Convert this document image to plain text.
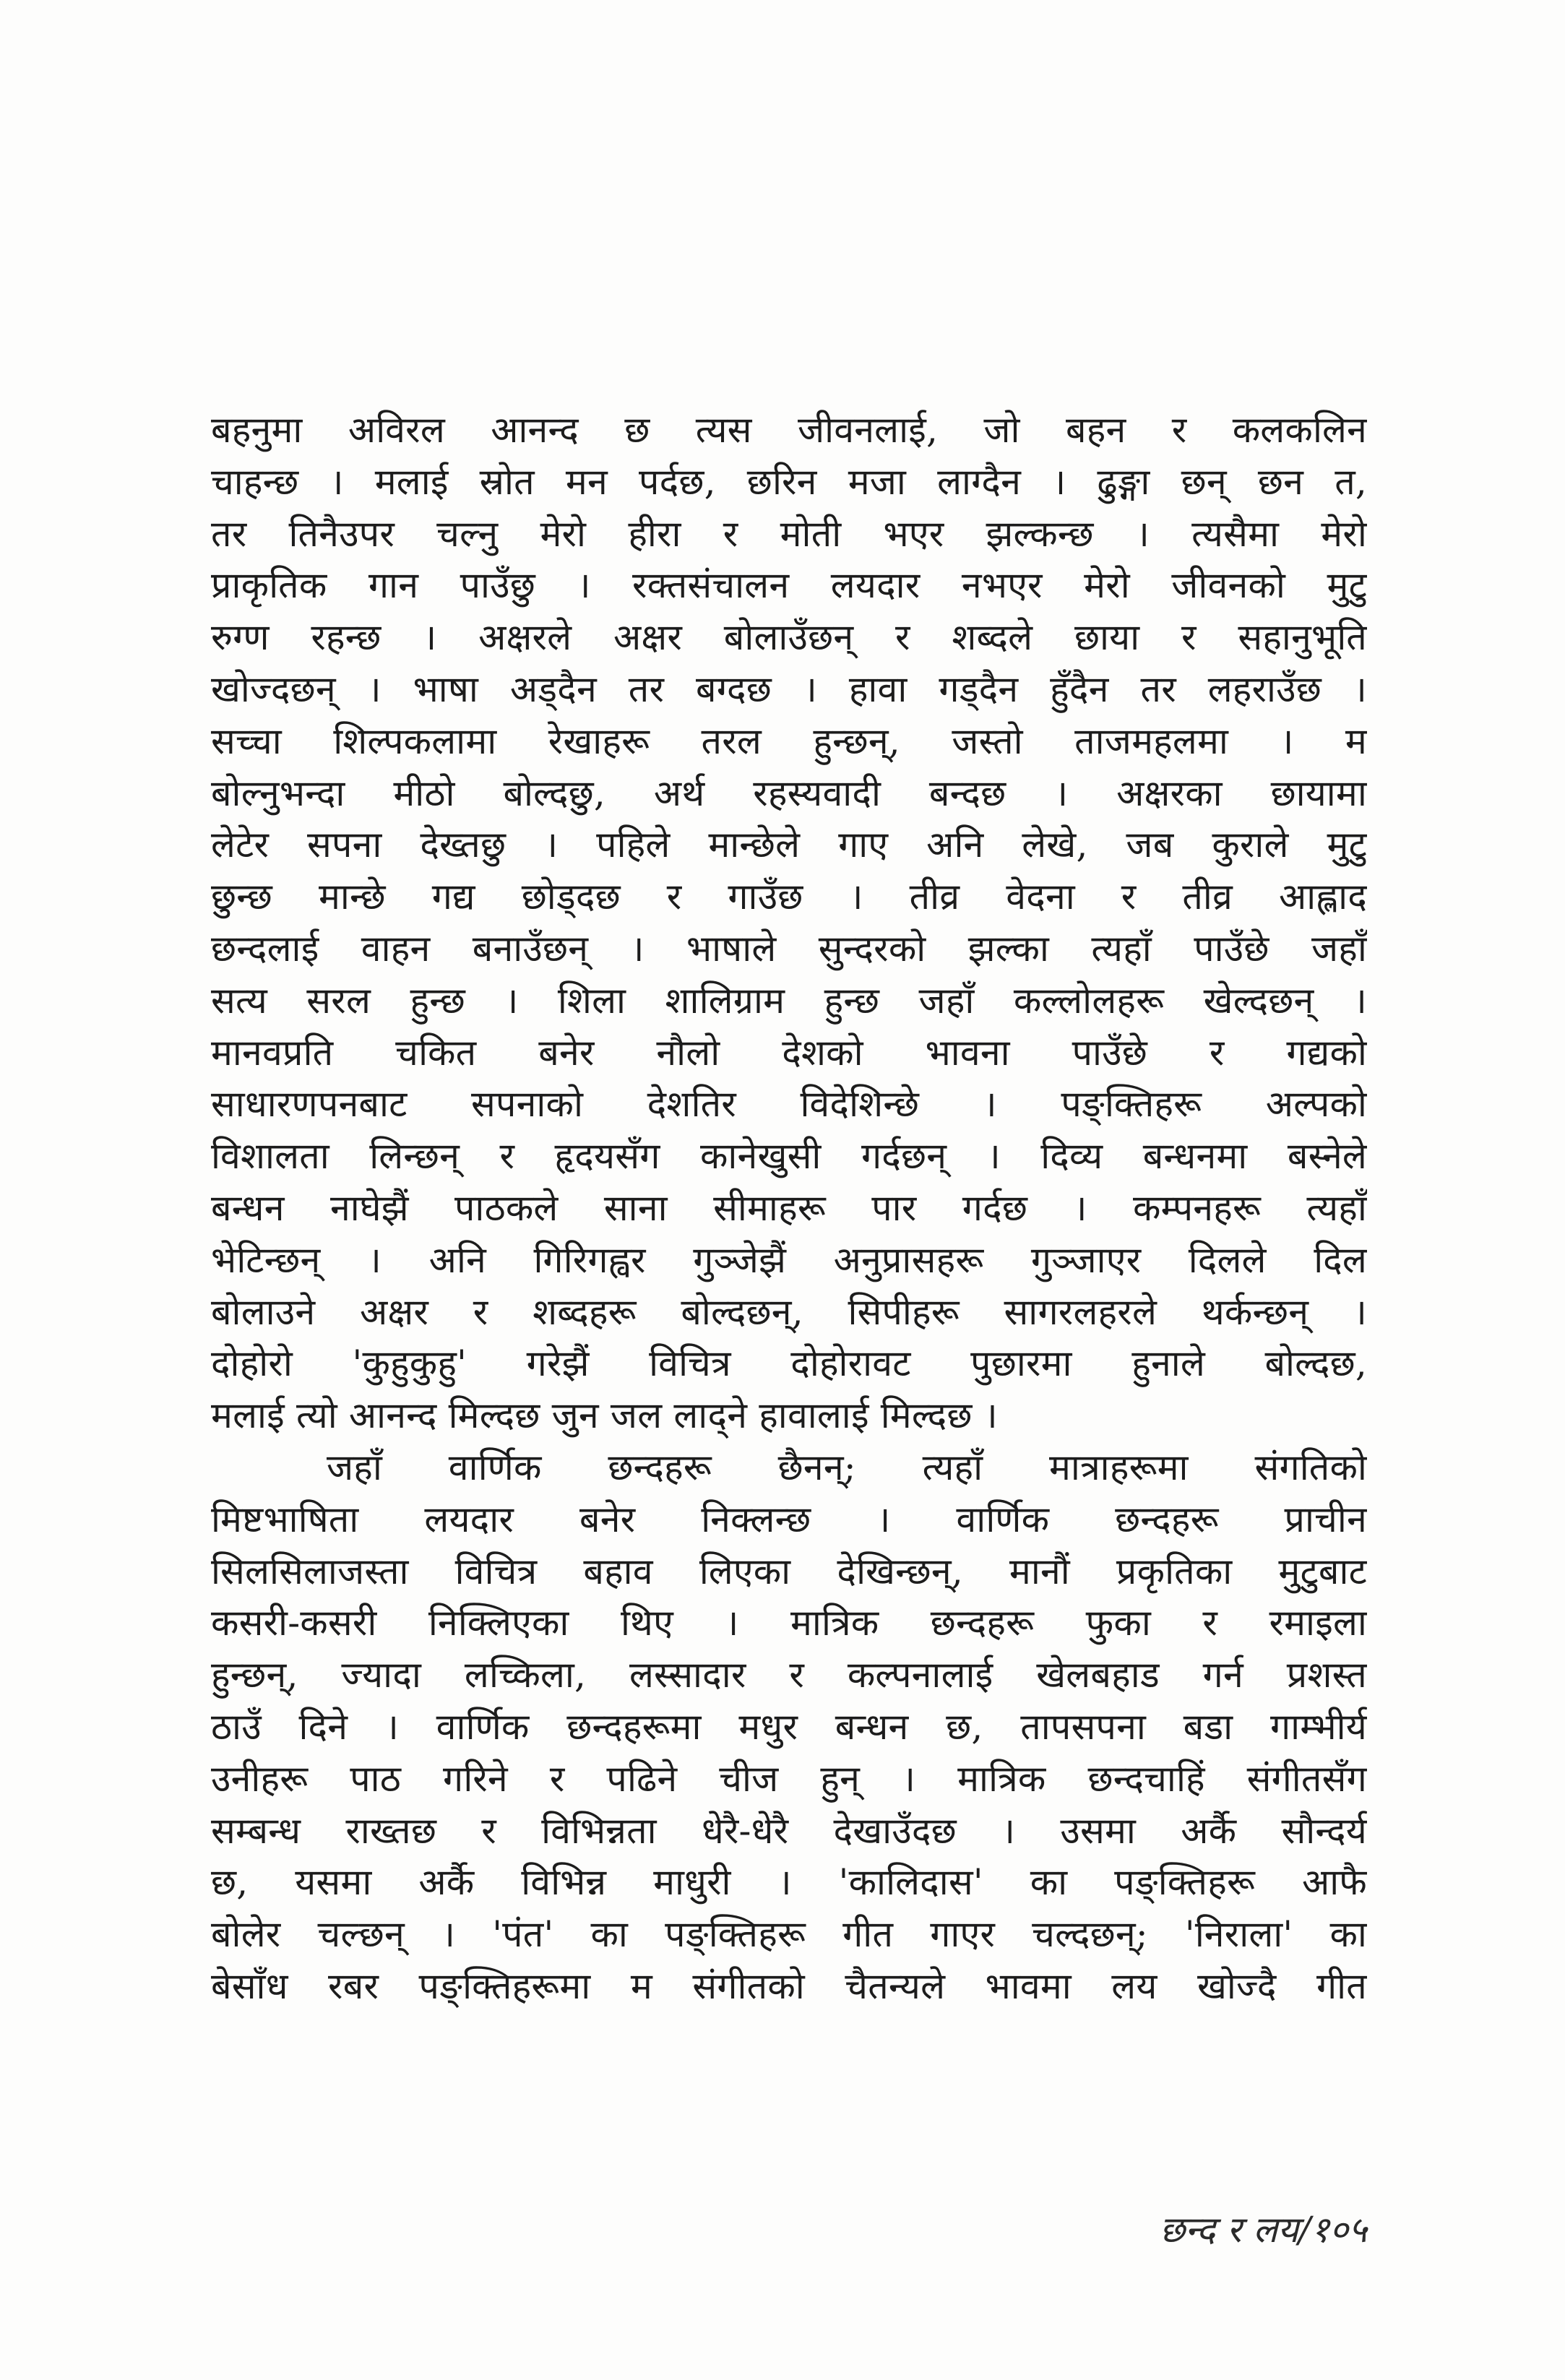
बहनुमा अविरल आनन्द छ त्यस जीवनलाई, जो बहन र कलकलिन
चाहन्छ । मलाई स्रोत मन पर्दछ, छरिन मजा लाग्दैन । ढुङ्गा छन् छन त,
तर तिनैउपर चल्नु मेरो हीरा र मोती भएर झल्कन्छ । त्यसैमा मेरो
प्राकृतिक गान पाउँछु । रक्तसंचालन लयदार नभएर मेरो जीवनको मुटु
रुग्ण रहन्छ । अक्षरले अक्षर बोलाउँछन् र शब्दले छाया र सहानुभूति
खोज्दछन् । भाषा अड्दैन तर बग्दछ । हावा गड्दैन हुँदैन तर लहराउँछ ।
सच्चा शिल्पकलामा रेखाहरू तरल हुन्छन्, जस्तो ताजमहलमा । म
बोल्नुभन्दा मीठो बोल्दछु, अर्थ रहस्यवादी बन्दछ । अक्षरका छायामा
लेटेर सपना देख्तछु । पहिले मान्छेले गाए अनि लेखे, जब कुराले मुटु
छुन्छ मान्छे गद्य छोड्दछ र गाउँछ । तीव्र वेदना र तीव्र आह्लाद
छन्दलाई वाहन बनाउँछन् । भाषाले सुन्दरको झल्का त्यहाँ पाउँछे जहाँ
सत्य सरल हुन्छ । शिला शालिग्राम हुन्छ जहाँ कल्लोलहरू खेल्दछन् ।
मानवप्रति चकित बनेर नौलो देशको भावना पाउँछे र गद्यको
साधारणपनबाट सपनाको देशतिर विदेशिन्छे । पङ्क्तिहरू अल्पको
विशालता लिन्छन् र हृदयसँग कानेखुसी गर्दछन् । दिव्य बन्धनमा बस्नेले
बन्धन नाघेझैं पाठकले साना सीमाहरू पार गर्दछ । कम्पनहरू त्यहाँ
भेटिन्छन् । अनि गिरिगह्वर गुञ्जेझैं अनुप्रासहरू गुञ्जाएर दिलले दिल
बोलाउने अक्षर र शब्दहरू बोल्दछन्, सिपीहरू सागरलहरले थर्कन्छन् ।
दोहोरो 'कुहुकुहु' गरेझैं विचित्र दोहोरावट पुछारमा हुनाले बोल्दछ,
मलाई त्यो आनन्द मिल्दछ जुन जल लाद्ने हावालाई मिल्दछ ।
जहाँ वार्णिक छन्दहरू छैनन्; त्यहाँ मात्राहरूमा संगतिको
मिष्टभाषिता लयदार बनेर निक्लन्छ । वार्णिक छन्दहरू प्राचीन
सिलसिलाजस्ता विचित्र बहाव लिएका देखिन्छन्, मानौं प्रकृतिका मुटुबाट
कसरी-कसरी निक्लिएका थिए । मात्रिक छन्दहरू फुका र रमाइला
हुन्छन्, ज्यादा लच्किला, लस्सादार र कल्पनालाई खेलबहाड गर्न प्रशस्त
ठाउँ दिने । वार्णिक छन्दहरूमा मधुर बन्धन छ, तापसपना बडा गाम्भीर्य
उनीहरू पाठ गरिने र पढिने चीज हुन् । मात्रिक छन्दचाहिं संगीतसँग
सम्बन्ध राख्तछ र विभिन्नता धेरै-धेरै देखाउँदछ । उसमा अर्कै सौन्दर्य
छ, यसमा अर्कै विभिन्न माधुरी । 'कालिदास' का पङ्क्तिहरू आफै
बोलेर चल्छन् । 'पंत' का पङ्क्तिहरू गीत गाएर चल्दछन्; 'निराला' का
बेसाँध रबर पङ्क्तिहरूमा म संगीतको चैतन्यले भावमा लय खोज्दै गीत
छन्द र लय/१०५
